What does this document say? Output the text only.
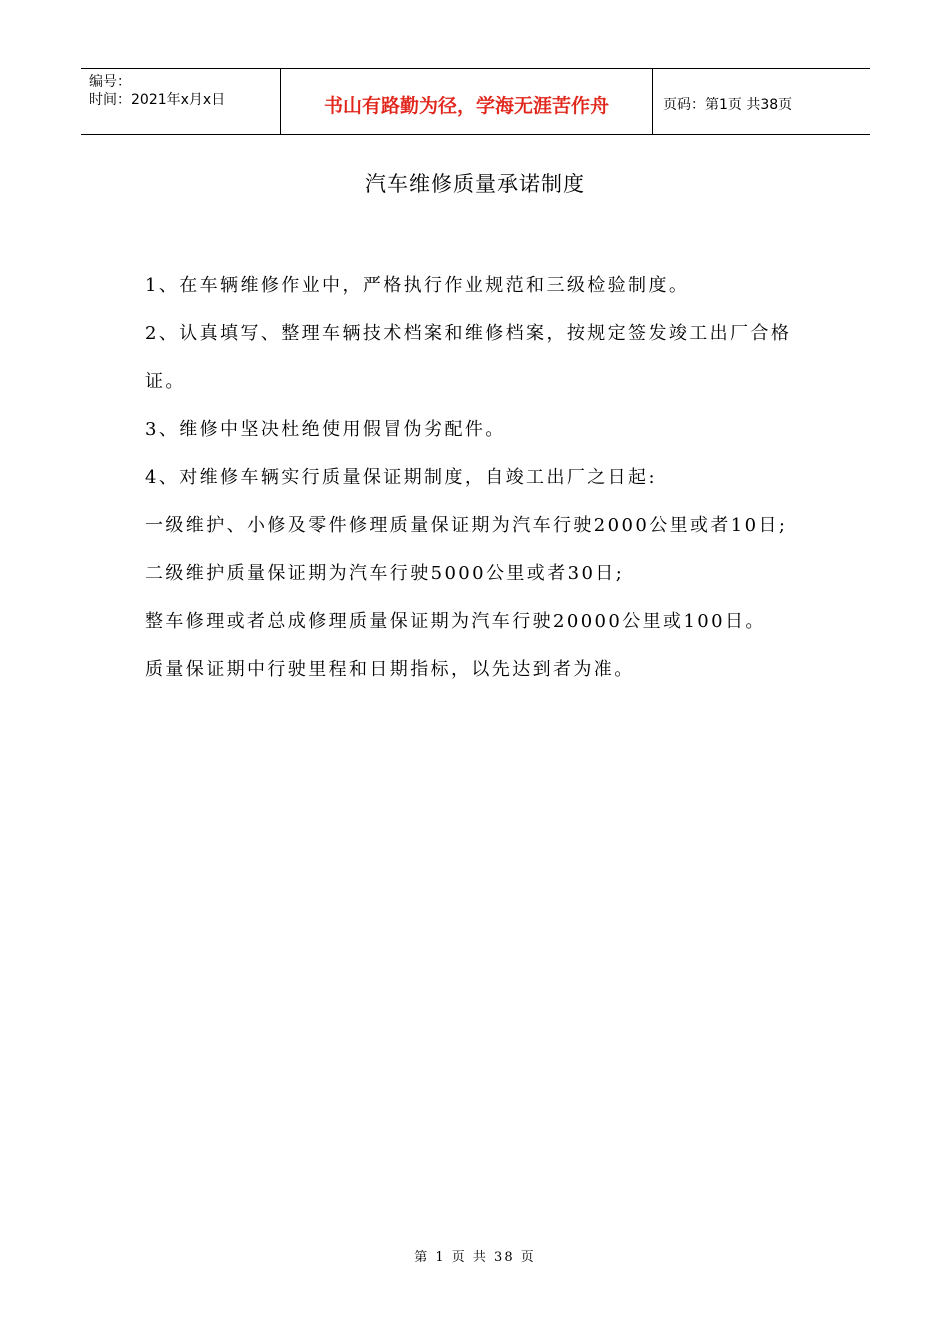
编号：
时间：2021年x月x日	书山有路勤为径，学海无涯苦作舟	页码：第1页 共38页
汽车维修质量承诺制度

1、在车辆维修作业中，严格执行作业规范和三级检验制度。

2、认真填写、整理车辆技术档案和维修档案，按规定签发竣工出厂合格证。

3、维修中坚决杜绝使用假冒伪劣配件。

4、对维修车辆实行质量保证期制度，自竣工出厂之日起:

一级维护、小修及零件修理质量保证期为汽车行驶2000公里或者10日;

二级维护质量保证期为汽车行驶5000公里或者30日;

整车修理或者总成修理质量保证期为汽车行驶20000公里或100日。

质量保证期中行驶里程和日期指标，以先达到者为准。

第 1 页 共 38 页
